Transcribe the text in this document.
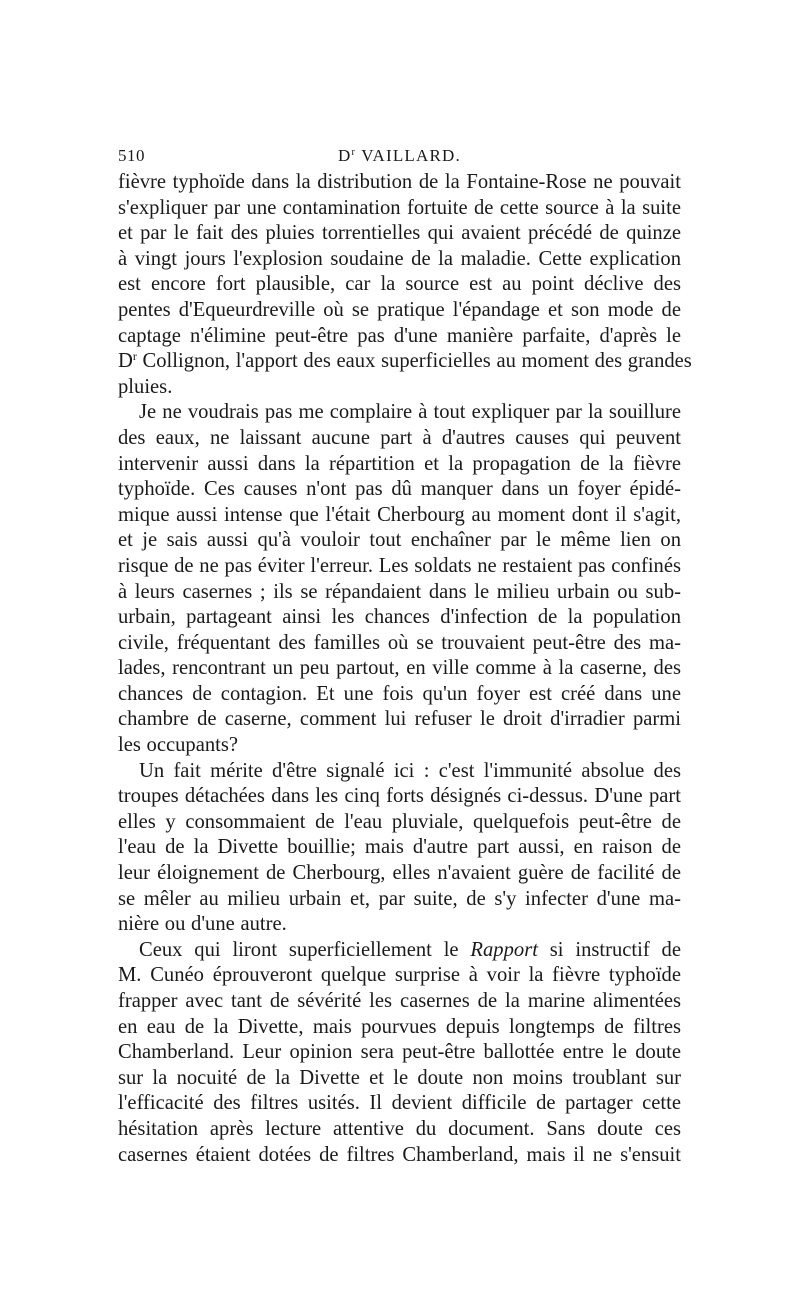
510	$D^r$ VAILLARD.
fièvre typhoïde dans la distribution de la Fontaine-Rose ne pouvait
s'expliquer par une contamination fortuite de cette source à la suite
et par le fait des pluies torrentielles qui avaient précédé de quinze
à vingt jours l'explosion soudaine de la maladie. Cette explication
est encore fort plausible, car la source est au point déclive des
pentes d'Equeurdreville où se pratique l'épandage et son mode de
captage n'élimine peut-être pas d'une manière parfaite, d'après le
$D^r$ Collignon, l'apport des eaux superficielles au moment des grandes
pluies.
Je ne voudrais pas me complaire à tout expliquer par la souillure
des eaux, ne laissant aucune part à d'autres causes qui peuvent
intervenir aussi dans la répartition et la propagation de la fièvre
typhoïde. Ces causes n'ont pas dû manquer dans un foyer épidé-
mique aussi intense que l'était Cherbourg au moment dont il s'agit,
et je sais aussi qu'à vouloir tout enchaîner par le même lien on
risque de ne pas éviter l'erreur. Les soldats ne restaient pas confinés
à leurs casernes ; ils se répandaient dans le milieu urbain ou sub-
urbain, partageant ainsi les chances d'infection de la population
civile, fréquentant des familles où se trouvaient peut-être des ma-
lades, rencontrant un peu partout, en ville comme à la caserne, des
chances de contagion. Et une fois qu'un foyer est créé dans une
chambre de caserne, comment lui refuser le droit d'irradier parmi
les occupants?
Un fait mérite d'être signalé ici : c'est l'immunité absolue des
troupes détachées dans les cinq forts désignés ci-dessus. D'une part
elles y consommaient de l'eau pluviale, quelquefois peut-être de
l'eau de la Divette bouillie; mais d'autre part aussi, en raison de
leur éloignement de Cherbourg, elles n'avaient guère de facilité de
se mêler au milieu urbain et, par suite, de s'y infecter d'une ma-
nière ou d'une autre.
Ceux qui liront superficiellement le Rapport si instructif de
M. Cunéo éprouveront quelque surprise à voir la fièvre typhoïde
frapper avec tant de sévérité les casernes de la marine alimentées
en eau de la Divette, mais pourvues depuis longtemps de filtres
Chamberland. Leur opinion sera peut-être ballottée entre le doute
sur la nocuité de la Divette et le doute non moins troublant sur
l'efficacité des filtres usités. Il devient difficile de partager cette
hésitation après lecture attentive du document. Sans doute ces
casernes étaient dotées de filtres Chamberland, mais il ne s'ensuit
